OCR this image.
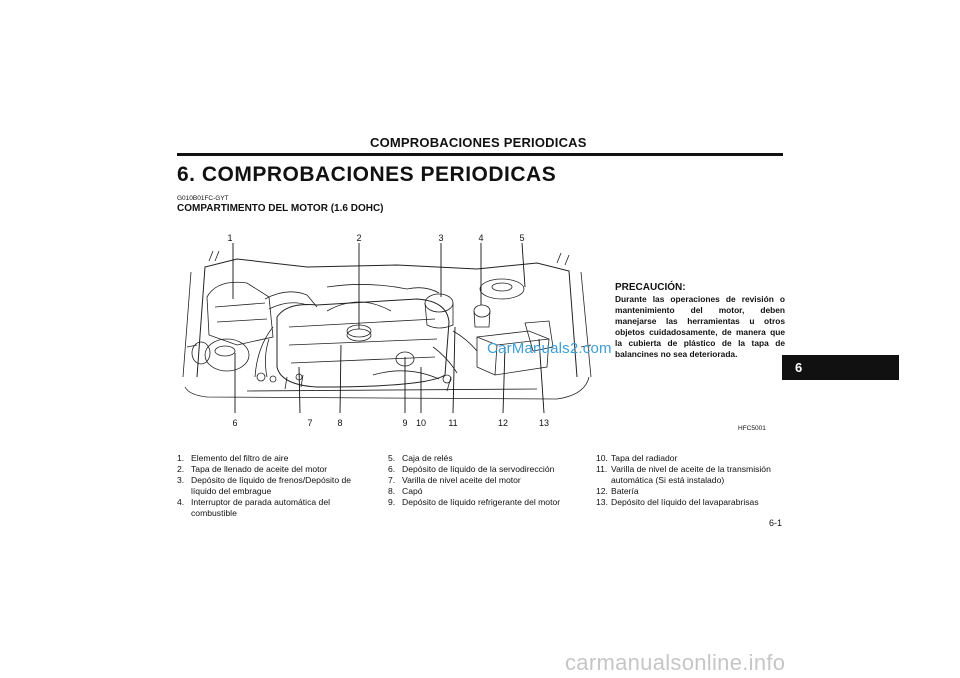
COMPROBACIONES PERIODICAS
6. COMPROBACIONES PERIODICAS
G010B01FC-GYT
COMPARTIMENTO DEL MOTOR (1.6 DOHC)
1	2	3	4	5
6	7	8	9 10 11	12	13
HFC5001
PRECAUCIÓN:
Durante las operaciones de revisión o mantenimiento del motor, deben manejarse las herramientas u otros objetos cuidadosamente, de manera que la cubierta de plástico de la tapa de balancines no sea deteriorada.
CarManuals2.com
6
1. Elemento del filtro de aire
2. Tapa de llenado de aceite del motor
3. Depósito de líquido de frenos/Depósito de líquido del embrague
4. Interruptor de parada automática del combustible
5. Caja de relés
6. Depósito de líquido de la servodirección
7. Varilla de nivel aceite del motor
8. Capó
9. Depósito de líquido refrigerante del motor
10. Tapa del radiador
11. Varilla de nivel de aceite de la transmisión automática (Si está instalado)
12. Batería
13. Depósito del líquido del lavaparabrisas
6-1
carmanualsonline.info
